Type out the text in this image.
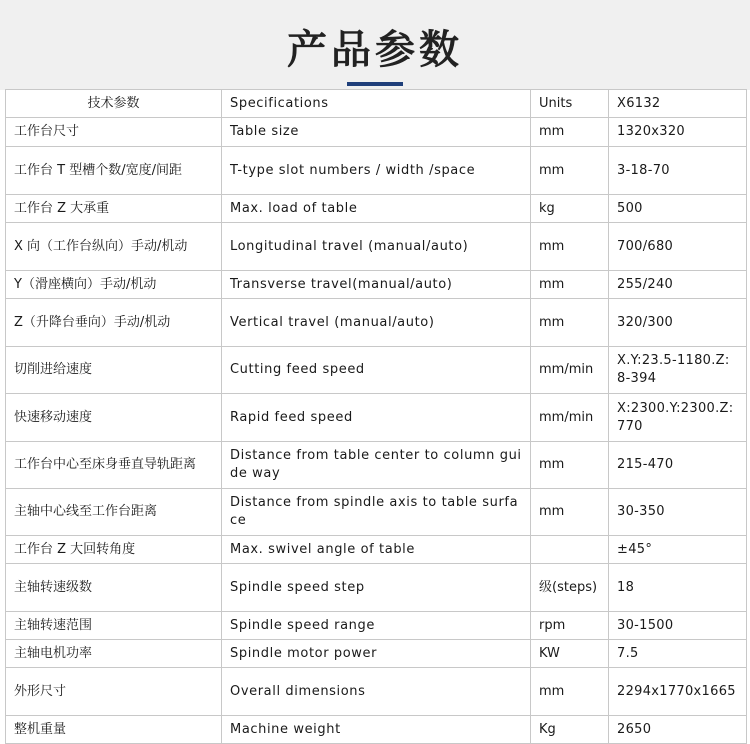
产品参数
技术参数	Specifications	Units	X6132
工作台尺寸	Table size	mm	1320x320
工作台 T 型槽个数/宽度/间距	T-type slot numbers / width /space	mm	3-18-70
工作台 Z 大承重	Max. load of table	kg	500
X 向（工作台纵向）手动/机动	Longitudinal travel (manual/auto)	mm	700/680
Y（滑座横向）手动/机动	Transverse travel(manual/auto)	mm	255/240
Z（升降台垂向）手动/机动	Vertical travel (manual/auto)	mm	320/300
切削进给速度	Cutting feed speed	mm/min	X.Y:23.5-1180.Z:8-394
快速移动速度	Rapid feed speed	mm/min	X:2300.Y:2300.Z:770
工作台中心至床身垂直导轨距离	Distance from table center to column guide way	mm	215-470
主轴中心线至工作台距离	Distance from spindle axis to table surface	mm	30-350
工作台 Z 大回转角度	Max. swivel angle of table		±45°
主轴转速级数	Spindle speed step	级(steps)	18
主轴转速范围	Spindle speed range	rpm	30-1500
主轴电机功率	Spindle motor power	KW	7.5
外形尺寸	Overall dimensions	mm	2294x1770x1665
整机重量	Machine weight	Kg	2650
